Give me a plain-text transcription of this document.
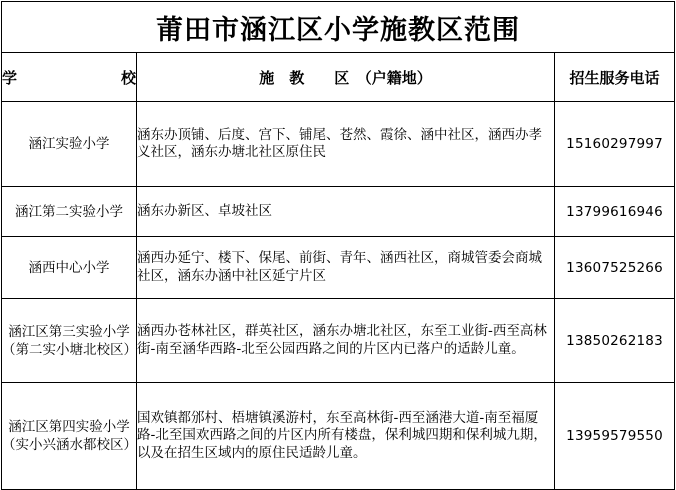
莆田市涵江区小学施教区范围		

学 校	施　教　　区　（户籍地）	招生服务电话
涵江实验小学	涵东办顶铺、后度、宫下、铺尾、苍然、霞徐、涵中社区，涵西办孝义社区，涵东办塘北社区原住民	15160297997
涵江第二实验小学	涵东办新区、卓坡社区	13799616946
涵西中心小学	涵西办延宁、楼下、保尾、前街、青年、涵西社区，商城管委会商城社区，涵东办涵中社区延宁片区	13607525266
涵江区第三实验小学（第二实小塘北校区）	涵西办苍林社区，群英社区，涵东办塘北社区，东至工业街-西至高林街-南至涵华西路-北至公园西路之间的片区内已落户的适龄儿童。	13850262183
涵江区第四实验小学（实小兴涵水都校区）	国欢镇都邠村、梧塘镇溪游村，东至高林街-西至涵港大道-南至福厦路-北至国欢西路之间的片区内所有楼盘，保利城四期和保利城九期，以及在招生区域内的原住民适龄儿童。	13959579550
